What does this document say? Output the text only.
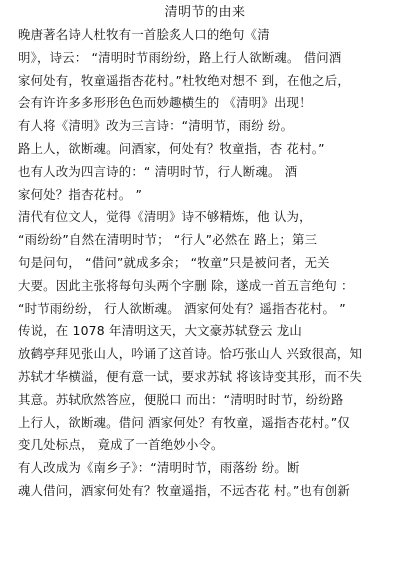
清明节的由来
晚唐著名诗人杜牧有一首脍炙人口的绝句《清
明》，诗云： “清明时节雨纷纷，路上行人欲断魂。 借问酒
家何处有，牧童遥指杏花村。”杜牧绝对想不 到，在他之后，
会有许许多多形形色色而妙趣横生的 《清明》出现！
有人将《清明》改为三言诗：“清明节，雨纷 纷。
路上人，欲断魂。问酒家，何处有？牧童指，杏 花村。”
也有人改为四言诗的：“ 清明时节，行人断魂。 酒
家何处？指杏花村。 ”
清代有位文人，觉得《清明》诗不够精炼，他 认为，
“雨纷纷”自然在清明时节； “行人”必然在 路上；第三
句是问句， “借问”就成多余； “牧童”只是被问者，无关
大要。因此主张将每句头两个字删 除，遂成一首五言绝句 ：
“时节雨纷纷， 行人欲断魂。 酒家何处有？遥指杏花村。 ”
传说，在 1078 年清明这天，大文豪苏轼登云 龙山
放鹤亭拜见张山人，吟诵了这首诗。恰巧张山人 兴致很高，知
苏轼才华横溢，便有意一试，要求苏轼 将该诗变其形，而不失
其意。苏轼欣然答应，便脱口 而出：“清明时时节，纷纷路
上行人，欲断魂。借问 酒家何处？有牧童，遥指杏花村。”仅
变几处标点， 竟成了一首绝妙小令。
有人改成为《南乡子》：“清明时节，雨落纷 纷。断
魂人借问，酒家何处有？牧童遥指，不远杏花 村。”也有创新
